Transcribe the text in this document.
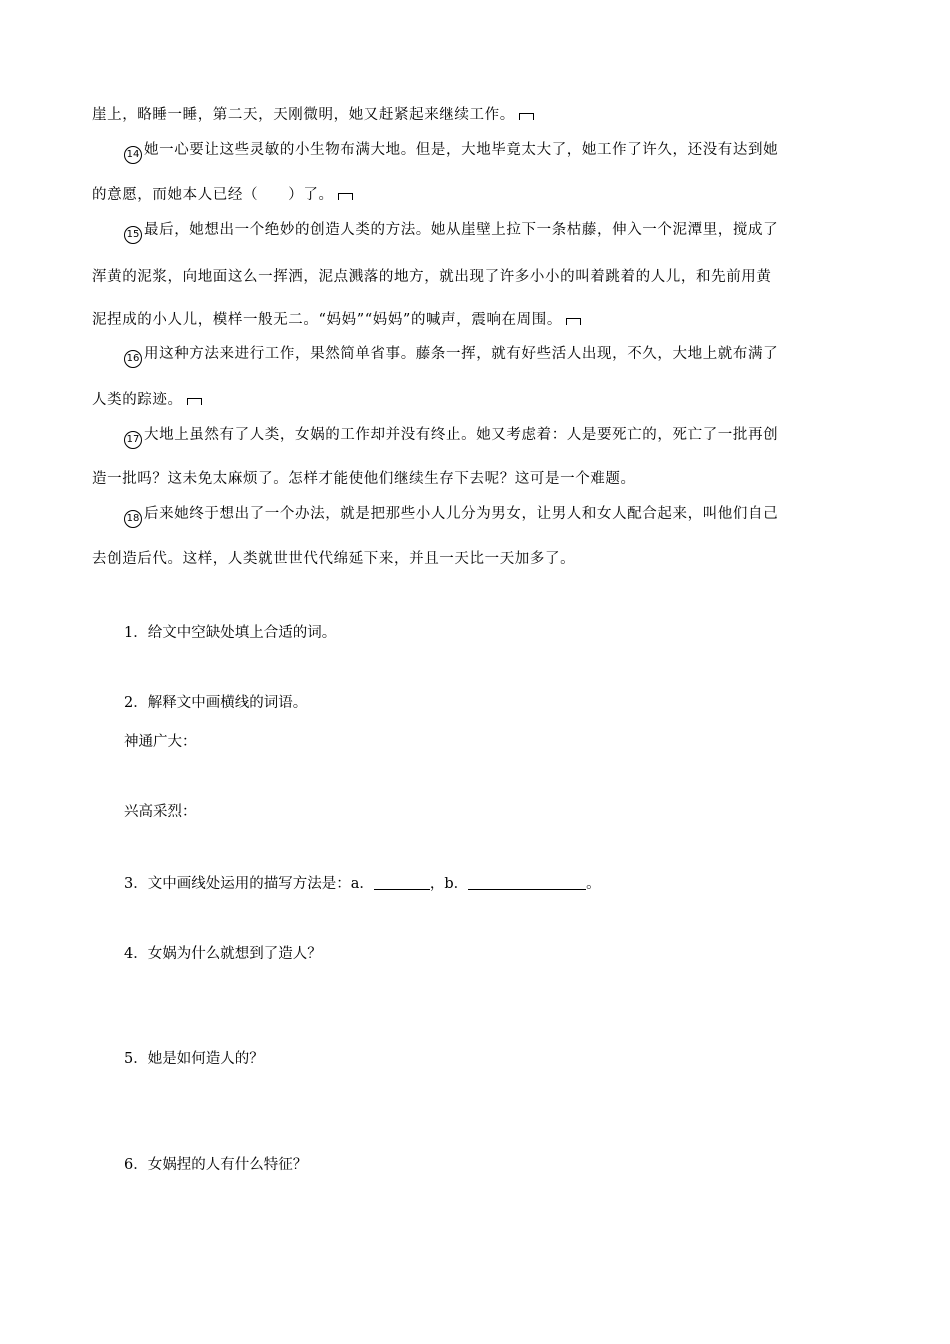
崖上，略睡一睡，第二天，天刚微明，她又赶紧起来继续工作。
14 她一心要让这些灵敏的小生物布满大地。但是，大地毕竟太大了，她工作了许久，还没有达到她
的意愿，而她本人已经（　　）了。
15 最后，她想出一个绝妙的创造人类的方法。她从崖壁上拉下一条枯藤，伸入一个泥潭里，搅成了
浑黄的泥浆，向地面这么一挥洒，泥点溅落的地方，就出现了许多小小的叫着跳着的人儿，和先前用黄
泥捏成的小人儿，模样一般无二。“妈妈”“妈妈”的喊声，震响在周围。
16 用这种方法来进行工作，果然简单省事。藤条一挥，就有好些活人出现，不久，大地上就布满了
人类的踪迹。
17 大地上虽然有了人类，女娲的工作却并没有终止。她又考虑着：人是要死亡的，死亡了一批再创
造一批吗？这未免太麻烦了。怎样才能使他们继续生存下去呢？这可是一个难题。
18 后来她终于想出了一个办法，就是把那些小人儿分为男女，让男人和女人配合起来，叫他们自己
去创造后代。这样，人类就世世代代绵延下来，并且一天比一天加多了。
1．给文中空缺处填上合适的词。
2．解释文中画横线的词语。
神通广大：
兴高采烈：
3．文中画线处运用的描写方法是：a．	，b．	。
4．女娲为什么就想到了造人？
5．她是如何造人的？
6．女娲捏的人有什么特征？
